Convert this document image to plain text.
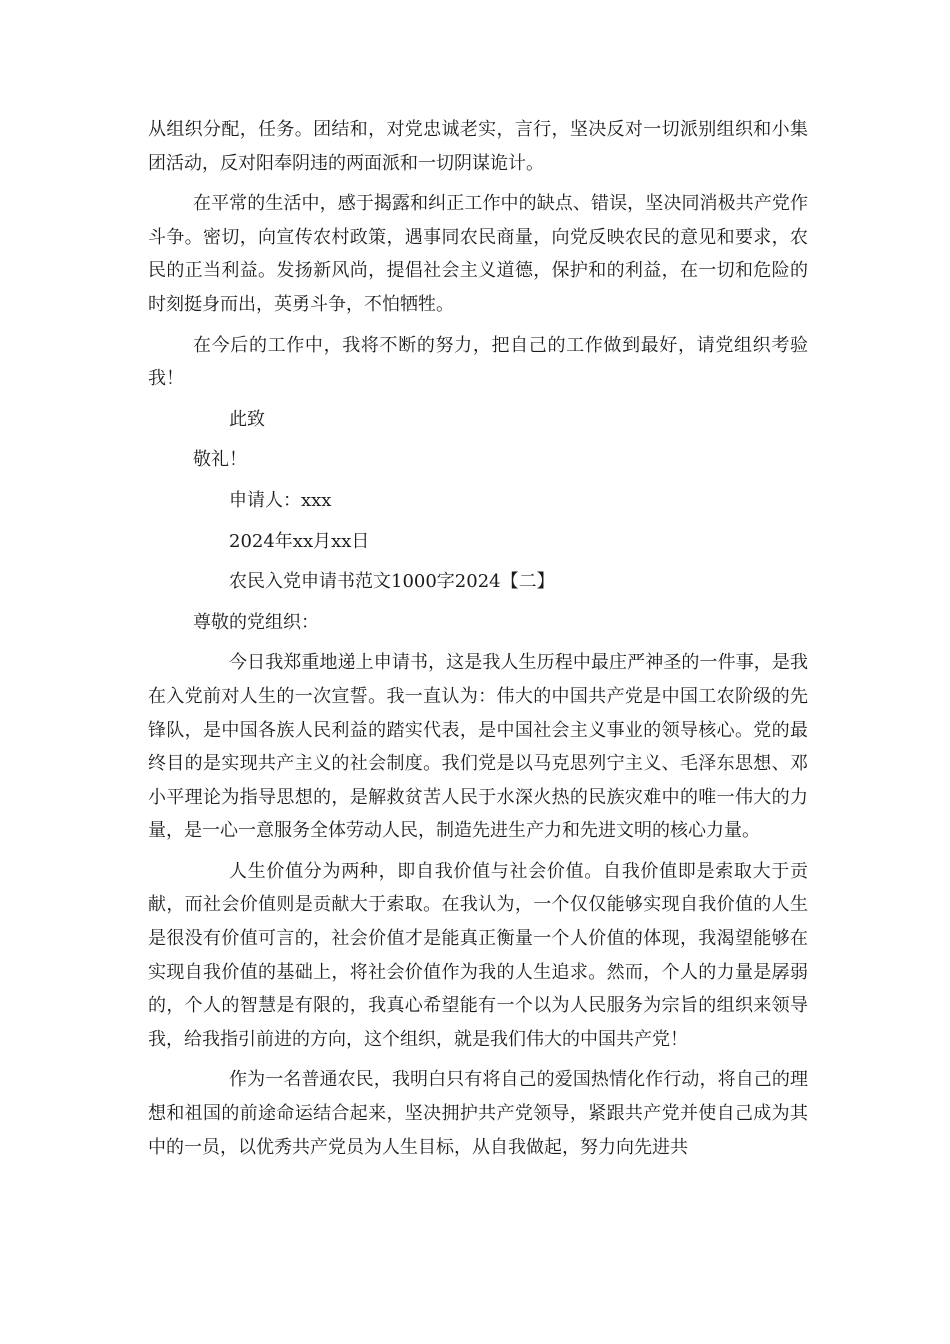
从组织分配，任务。团结和，对党忠诚老实，言行，坚决反对一切派别组织和小集团活动，反对阳奉阴违的两面派和一切阴谋诡计。

在平常的生活中，感于揭露和纠正工作中的缺点、错误，坚决同消极共产党作斗争。密切，向宣传农村政策，遇事同农民商量，向党反映农民的意见和要求，农民的正当利益。发扬新风尚，提倡社会主义道德，保护和的利益，在一切和危险的时刻挺身而出，英勇斗争，不怕牺牲。

在今后的工作中，我将不断的努力，把自己的工作做到最好，请党组织考验我！

此致
敬礼！
申请人：xxx
2024年xx月xx日
农民入党申请书范文1000字2024【二】
尊敬的党组织：

今日我郑重地递上申请书，这是我人生历程中最庄严神圣的一件事，是我在入党前对人生的一次宣誓。我一直认为：伟大的中国共产党是中国工农阶级的先锋队，是中国各族人民利益的踏实代表，是中国社会主义事业的领导核心。党的最终目的是实现共产主义的社会制度。我们党是以马克思列宁主义、毛泽东思想、邓小平理论为指导思想的，是解救贫苦人民于水深火热的民族灾难中的唯一伟大的力量，是一心一意服务全体劳动人民，制造先进生产力和先进文明的核心力量。

人生价值分为两种，即自我价值与社会价值。自我价值即是索取大于贡献，而社会价值则是贡献大于索取。在我认为，一个仅仅能够实现自我价值的人生是很没有价值可言的，社会价值才是能真正衡量一个人价值的体现，我渴望能够在实现自我价值的基础上，将社会价值作为我的人生追求。然而，个人的力量是孱弱的，个人的智慧是有限的，我真心希望能有一个以为人民服务为宗旨的组织来领导我，给我指引前进的方向，这个组织，就是我们伟大的中国共产党！

作为一名普通农民，我明白只有将自己的爱国热情化作行动，将自己的理想和祖国的前途命运结合起来，坚决拥护共产党领导，紧跟共产党并使自己成为其中的一员，以优秀共产党员为人生目标，从自我做起，努力向先进共
